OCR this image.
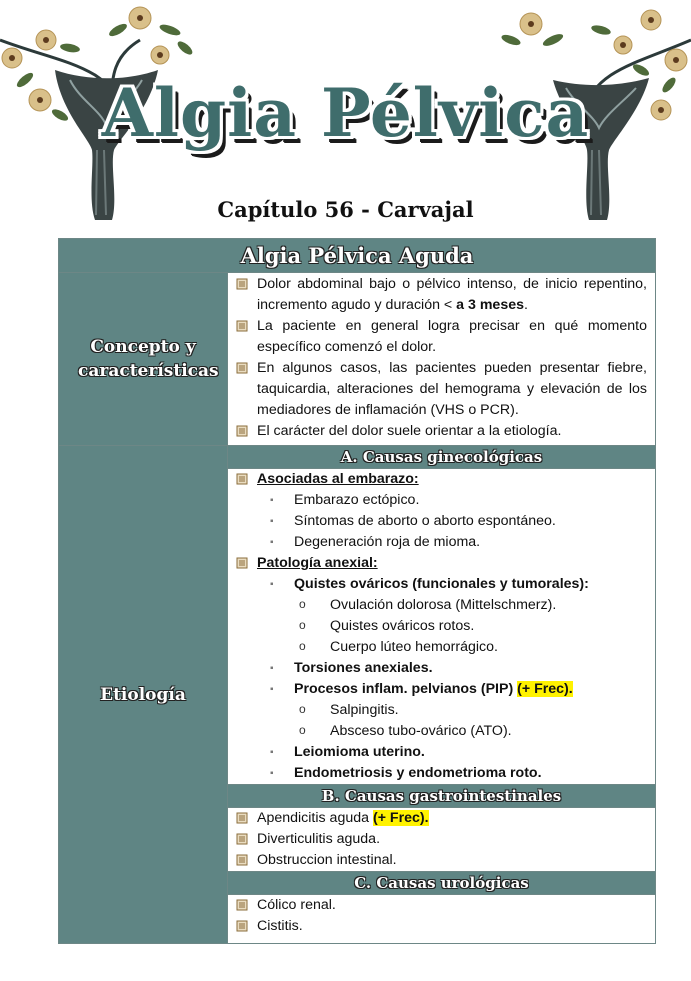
Algia Pélvica
Capítulo 56 - Carvajal
Algia Pélvica Aguda
Concepto y características
Dolor abdominal bajo o pélvico intenso, de inicio repentino, incremento agudo y duración < a 3 meses.
La paciente en general logra precisar en qué momento específico comenzó el dolor.
En algunos casos, las pacientes pueden presentar fiebre, taquicardia, alteraciones del hemograma y elevación de los mediadores de inflamación (VHS o PCR).
El carácter del dolor suele orientar a la etiología.
Etiología
A. Causas ginecológicas
Asociadas al embarazo:
▪ Embarazo ectópico.
▪ Síntomas de aborto o aborto espontáneo.
▪ Degeneración roja de mioma.
Patología anexial:
▪ Quistes ováricos (funcionales y tumorales):
o Ovulación dolorosa (Mittelschmerz).
o Quistes ováricos rotos.
o Cuerpo lúteo hemorrágico.
▪ Torsiones anexiales.
▪ Procesos inflam. pelvianos (PIP) (+ Frec).
o Salpingitis.
o Absceso tubo-ovárico (ATO).
▪ Leiomioma uterino.
▪ Endometriosis y endometrioma roto.
B. Causas gastrointestinales
Apendicitis aguda (+ Frec).
Diverticulitis aguda.
Obstruccion intestinal.
C. Causas urológicas
Cólico renal.
Cistitis.
